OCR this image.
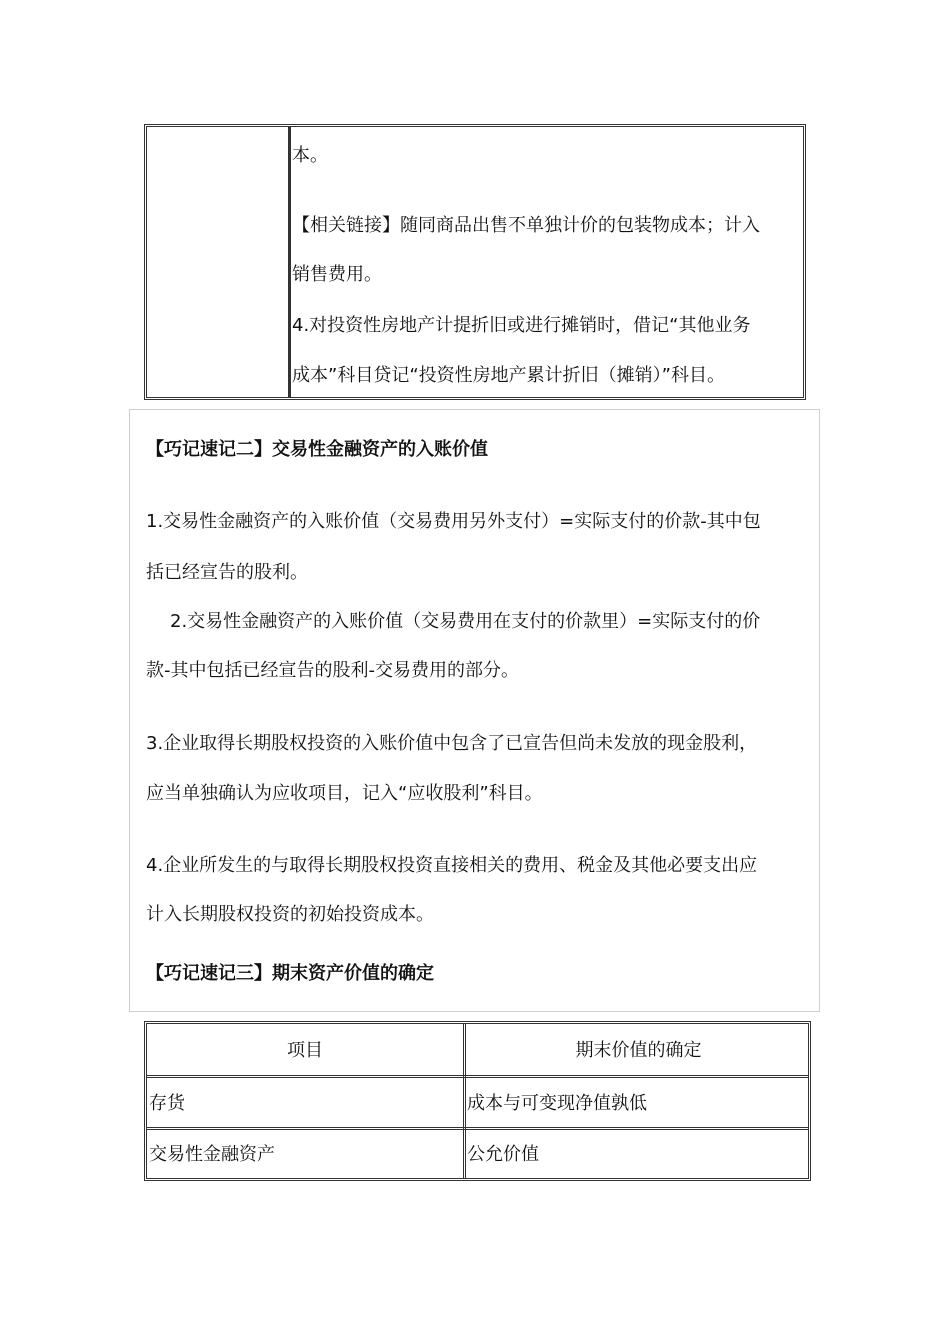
本。
【相关链接】随同商品出售不单独计价的包装物成本；计入
销售费用。
4.对投资性房地产计提折旧或进行摊销时，借记“其他业务
成本”科目贷记“投资性房地产累计折旧（摊销）”科目。
【巧记速记二】交易性金融资产的入账价值
1.交易性金融资产的入账价值（交易费用另外支付）=实际支付的价款-其中包
括已经宣告的股利。
2.交易性金融资产的入账价值（交易费用在支付的价款里）=实际支付的价
款-其中包括已经宣告的股利-交易费用的部分。
3.企业取得长期股权投资的入账价值中包含了已宣告但尚未发放的现金股利，
应当单独确认为应收项目，记入“应收股利”科目。
4.企业所发生的与取得长期股权投资直接相关的费用、税金及其他必要支出应
计入长期股权投资的初始投资成本。
【巧记速记三】期末资产价值的确定
项目	期末价值的确定
存货	成本与可变现净值孰低
交易性金融资产	公允价值
